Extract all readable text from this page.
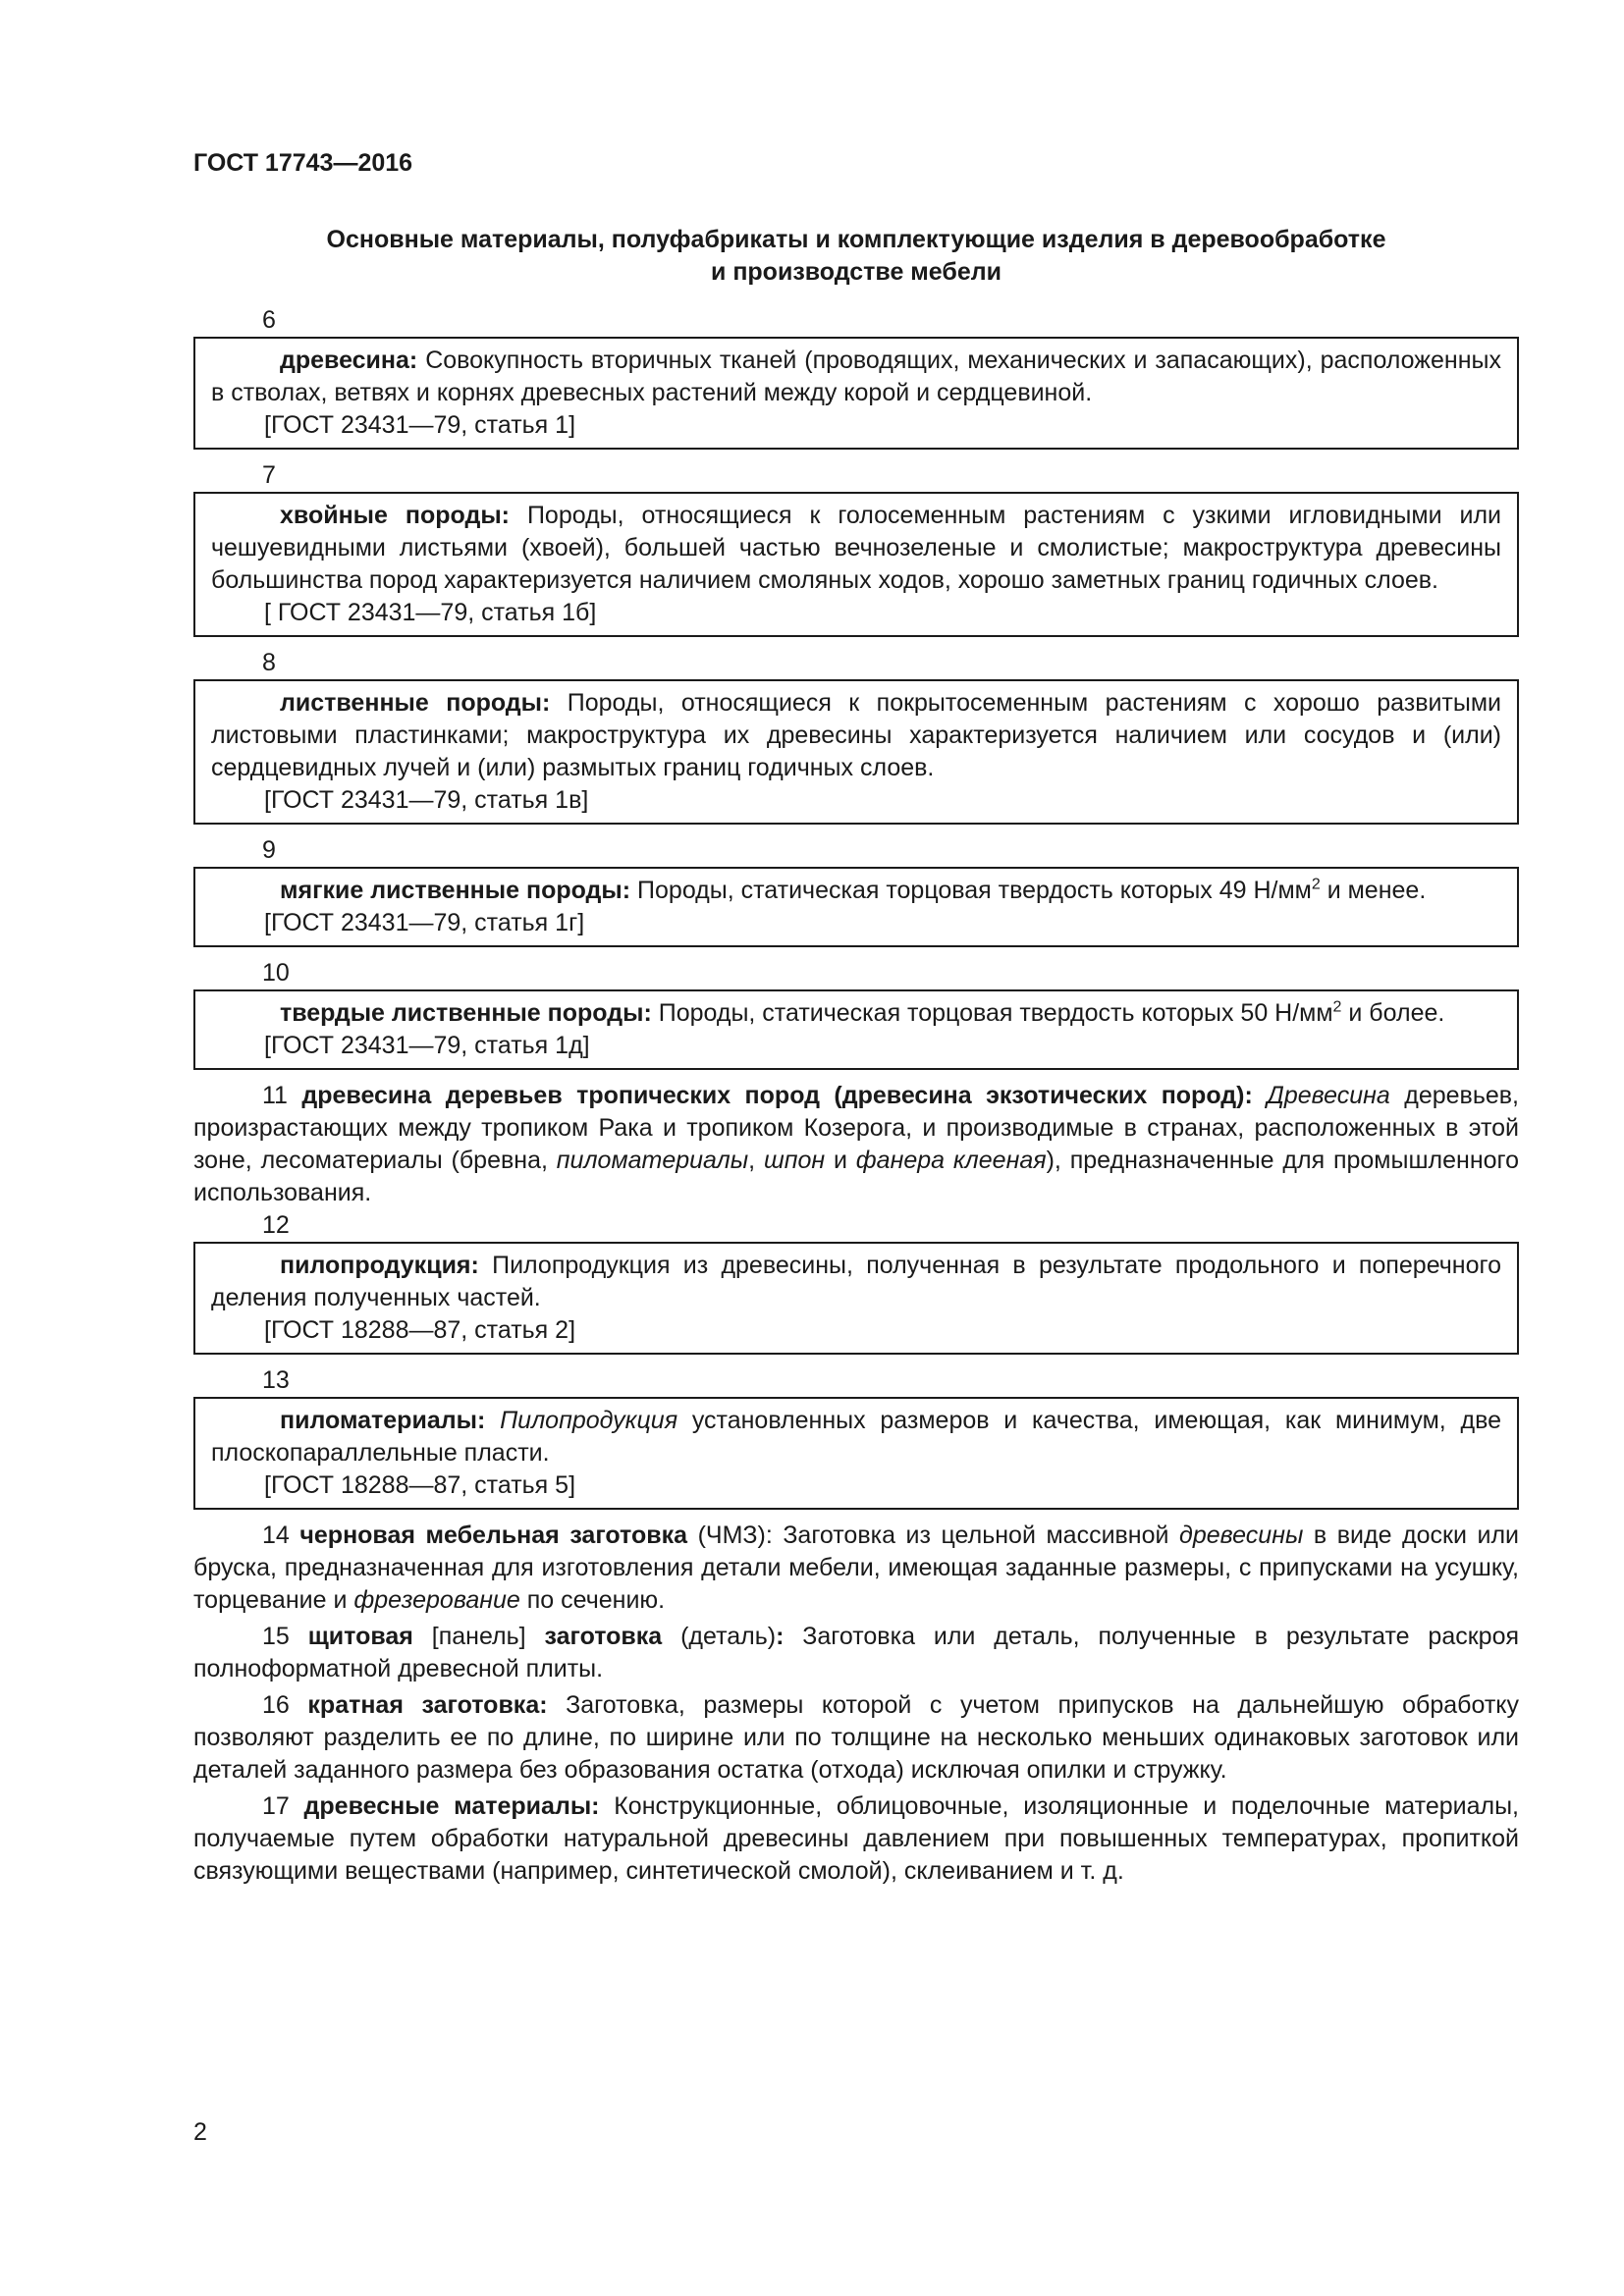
ГОСТ 17743—2016
Основные материалы, полуфабрикаты и комплектующие изделия в деревообработке
и производстве мебели
6

древесина: Совокупность вторичных тканей (проводящих, механических и запасающих), расположенных в стволах, ветвях и корнях древесных растений между корой и сердцевиной.

[ГОСТ 23431—79, статья 1]
7

хвойные породы: Породы, относящиеся к голосеменным растениям с узкими игловидными или чешуевидными листьями (хвоей), большей частью вечнозеленые и смолистые; макроструктура древесины большинства пород характеризуется наличием смоляных ходов, хорошо заметных границ годичных слоев.

[ ГОСТ 23431—79, статья 1б]
8

лиственные породы: Породы, относящиеся к покрытосеменным растениям с хорошо развитыми листовыми пластинками; макроструктура их древесины характеризуется наличием или сосудов и (или) сердцевидных лучей и (или) размытых границ годичных слоев.

[ГОСТ 23431—79, статья 1в]
9

мягкие лиственные породы: Породы, статическая торцовая твердость которых 49 $Н/мм^2$ и менее.

[ГОСТ 23431—79, статья 1г]
10

твердые лиственные породы: Породы, статическая торцовая твердость которых 50 $Н/мм^2$ и более.

[ГОСТ 23431—79, статья 1д]

11 древесина деревьев тропических пород (древесина экзотических пород): Древесина деревьев, произрастающих между тропиком Рака и тропиком Козерога, и производимые в странах, расположенных в этой зоне, лесоматериалы (бревна, пиломатериалы, шпон и фанера клееная), предназначенные для промышленного использования.

12

пилопродукция: Пилопродукция из древесины, полученная в результате продольного и поперечного деления полученных частей.

[ГОСТ 18288—87, статья 2]
13

пиломатериалы: Пилопродукция установленных размеров и качества, имеющая, как минимум, две плоскопараллельные пласти.

[ГОСТ 18288—87, статья 5]

14 черновая мебельная заготовка (ЧМЗ): Заготовка из цельной массивной древесины в виде доски или бруска, предназначенная для изготовления детали мебели, имеющая заданные размеры, с припусками на усушку, торцевание и фрезерование по сечению.

15 щитовая [панель] заготовка (деталь): Заготовка или деталь, полученные в результате раскроя полноформатной древесной плиты.

16 кратная заготовка: Заготовка, размеры которой с учетом припусков на дальнейшую обработку позволяют разделить ее по длине, по ширине или по толщине на несколько меньших одинаковых заготовок или деталей заданного размера без образования остатка (отхода) исключая опилки и стружку.

17 древесные материалы: Конструкционные, облицовочные, изоляционные и поделочные материалы, получаемые путем обработки натуральной древесины давлением при повышенных температурах, пропиткой связующими веществами (например, синтетической смолой), склеиванием и т. д.

2
